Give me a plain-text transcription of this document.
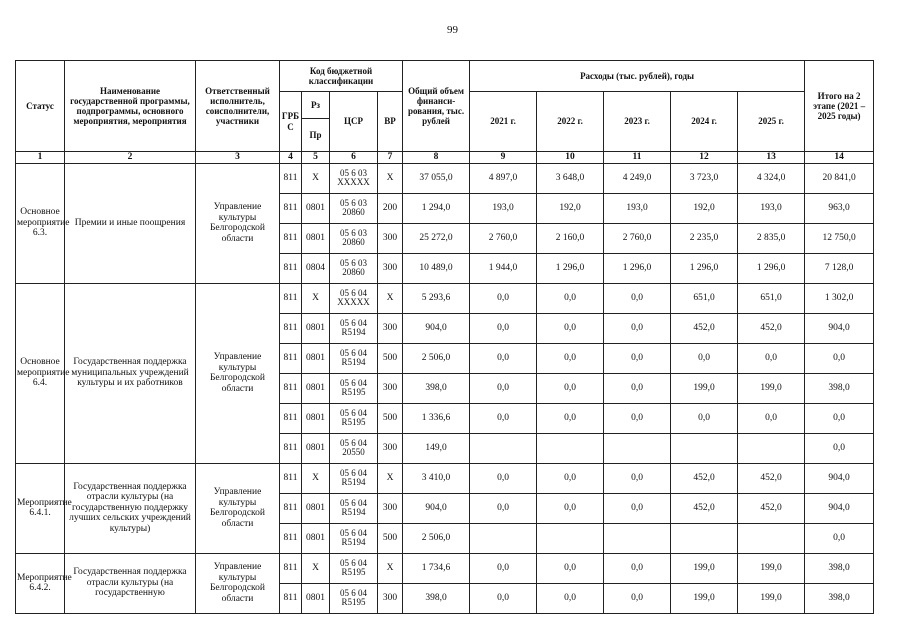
99
Статус	Наименование государственной программы, подпрограммы, основного мероприятия, мероприятия	Ответственный исполнитель, соисполнители, участники	Код бюджетной классификации				Общий объем финанси- рования, тыс. рублей	Расходы (тыс. рублей), годы					Итого на 2 этапе (2021 – 2025 годы)
			ГРБ С	Рз	ЦСР	ВР		2021 г.	2022 г.	2023 г.	2024 г.	2025 г.	
				Пр									
1	2	3	4	5	6	7	8	9	10	11	12	13	14
Основное мероприятие 6.3.	Премии и иные поощрения	Управление культуры Белгородской области	811	X	05 6 03 XXXXX	X	37 055,0	4 897,0	3 648,0	4 249,0	3 723,0	4 324,0	20 841,0
			811	0801	05 6 03 20860	200	1 294,0	193,0	192,0	193,0	192,0	193,0	963,0
			811	0801	05 6 03 20860	300	25 272,0	2 760,0	2 160,0	2 760,0	2 235,0	2 835,0	12 750,0
			811	0804	05 6 03 20860	300	10 489,0	1 944,0	1 296,0	1 296,0	1 296,0	1 296,0	7 128,0
Основное мероприятие 6.4.	Государственная поддержка муниципальных учреждений культуры и их работников	Управление культуры Белгородской области	811	X	05 6 04 XXXXX	X	5 293,6	0,0	0,0	0,0	651,0	651,0	1 302,0
			811	0801	05 6 04 R5194	300	904,0	0,0	0,0	0,0	452,0	452,0	904,0
			811	0801	05 6 04 R5194	500	2 506,0	0,0	0,0	0,0	0,0	0,0	0,0
			811	0801	05 6 04 R5195	300	398,0	0,0	0,0	0,0	199,0	199,0	398,0
			811	0801	05 6 04 R5195	500	1 336,6	0,0	0,0	0,0	0,0	0,0	0,0
			811	0801	05 6 04 20550	300	149,0						0,0
Мероприятие 6.4.1.	Государственная поддержка отрасли культуры (на государственную поддержку лучших сельских учреждений культуры)	Управление культуры Белгородской области	811	X	05 6 04 R5194	X	3 410,0	0,0	0,0	0,0	452,0	452,0	904,0
			811	0801	05 6 04 R5194	300	904,0	0,0	0,0	0,0	452,0	452,0	904,0
			811	0801	05 6 04 R5194	500	2 506,0						0,0
Мероприятие 6.4.2.	Государственная поддержка отрасли культуры (на государственную	Управление культуры Белгородской области	811	X	05 6 04 R5195	X	1 734,6	0,0	0,0	0,0	199,0	199,0	398,0
			811	0801	05 6 04 R5195	300	398,0	0,0	0,0	0,0	199,0	199,0	398,0
